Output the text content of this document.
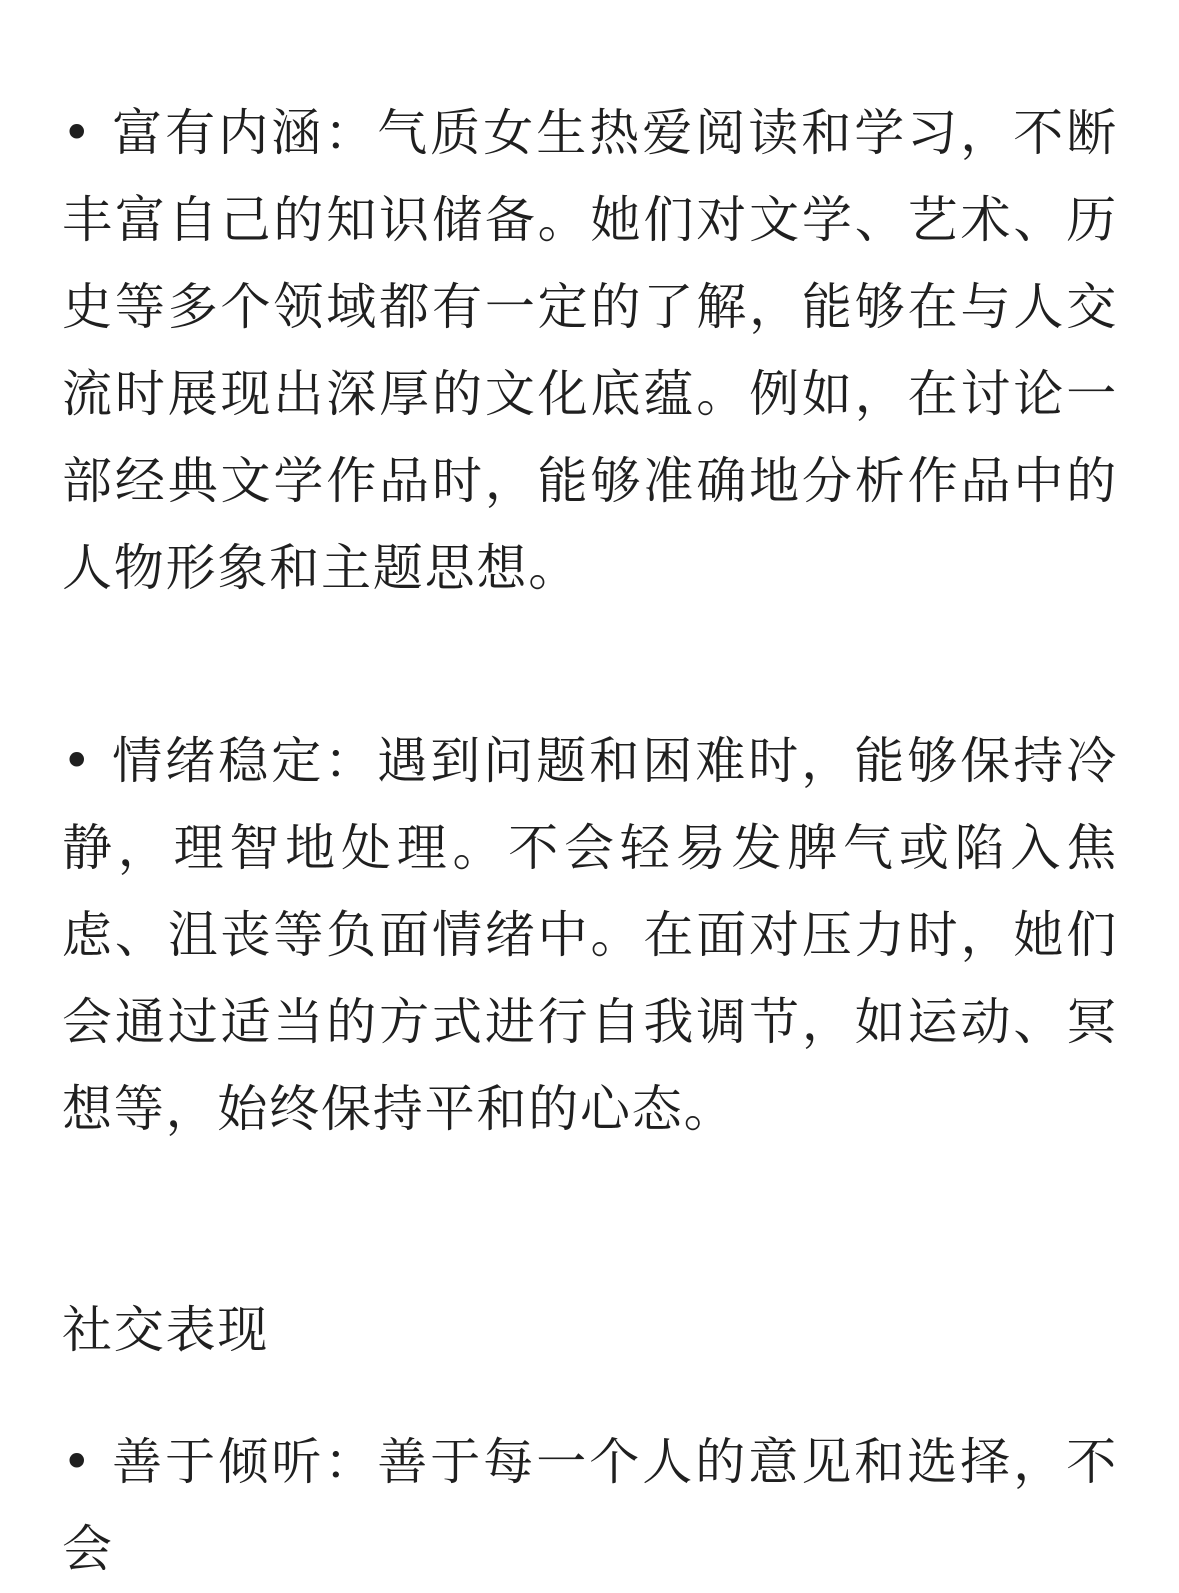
• 富有内涵：气质女生热爱阅读和学习，不断丰富自己的知识储备。她们对文学、艺术、历史等多个领域都有一定的了解，能够在与人交流时展现出深厚的文化底蕴。例如，在讨论一部经典文学作品时，能够准确地分析作品中的人物形象和主题思想。

• 情绪稳定：遇到问题和困难时，能够保持冷静，理智地处理。不会轻易发脾气或陷入焦虑、沮丧等负面情绪中。在面对压力时，她们会通过适当的方式进行自我调节，如运动、冥想等，始终保持平和的心态。

社交表现

• 善于倾听：善于每一个人的意见和选择，不会
